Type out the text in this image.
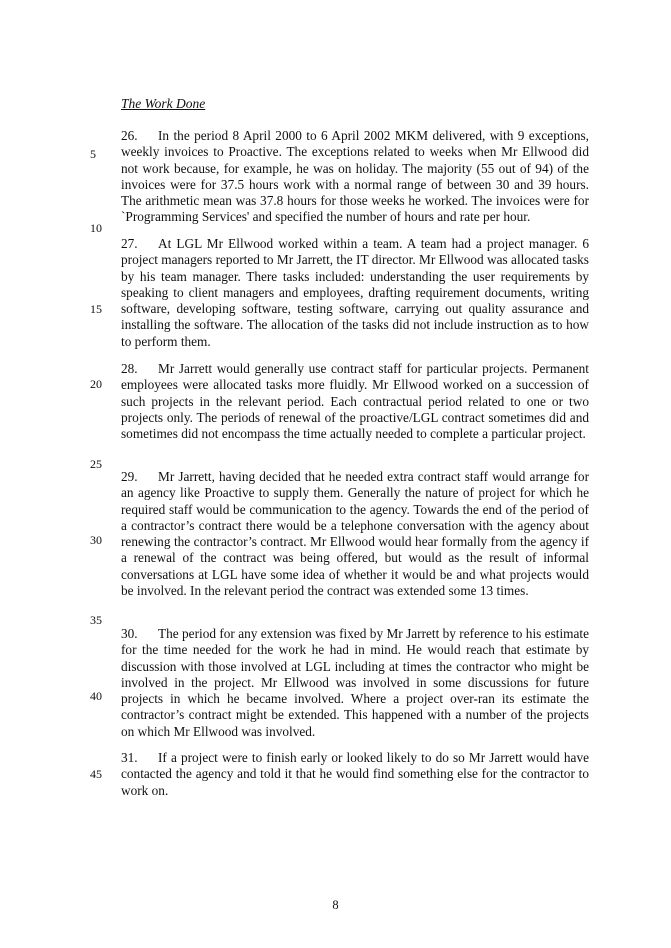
The Work Done

26. In the period 8 April 2000 to 6 April 2002 MKM delivered, with 9 exceptions, weekly invoices to Proactive. The exceptions related to weeks when Mr Ellwood did not work because, for example, he was on holiday. The majority (55 out of 94) of the invoices were for 37.5 hours work with a normal range of between 30 and 39 hours. The arithmetic mean was 37.8 hours for those weeks he worked. The invoices were for `Programming Services' and specified the number of hours and rate per hour.

27. At LGL Mr Ellwood worked within a team. A team had a project manager. 6 project managers reported to Mr Jarrett, the IT director. Mr Ellwood was allocated tasks by his team manager. There tasks included: understanding the user requirements by speaking to client managers and employees, drafting requirement documents, writing software, developing software, testing software, carrying out quality assurance and installing the software. The allocation of the tasks did not include instruction as to how to perform them.

28. Mr Jarrett would generally use contract staff for particular projects. Permanent employees were allocated tasks more fluidly. Mr Ellwood worked on a succession of such projects in the relevant period. Each contractual period related to one or two projects only. The periods of renewal of the proactive/LGL contract sometimes did and sometimes did not encompass the time actually needed to complete a particular project.

29. Mr Jarrett, having decided that he needed extra contract staff would arrange for an agency like Proactive to supply them. Generally the nature of project for which he required staff would be communication to the agency. Towards the end of the period of a contractor’s contract there would be a telephone conversation with the agency about renewing the contractor’s contract. Mr Ellwood would hear formally from the agency if a renewal of the contract was being offered, but would as the result of informal conversations at LGL have some idea of whether it would be and what projects would be involved. In the relevant period the contract was extended some 13 times.

30. The period for any extension was fixed by Mr Jarrett by reference to his estimate for the time needed for the work he had in mind. He would reach that estimate by discussion with those involved at LGL including at times the contractor who might be involved in the project. Mr Ellwood was involved in some discussions for future projects in which he became involved. Where a project over-ran its estimate the contractor’s contract might be extended. This happened with a number of the projects on which Mr Ellwood was involved.

31. If a project were to finish early or looked likely to do so Mr Jarrett would have contacted the agency and told it that he would find something else for the contractor to work on.

5
10
15
20
25
30
35
40
45
8
